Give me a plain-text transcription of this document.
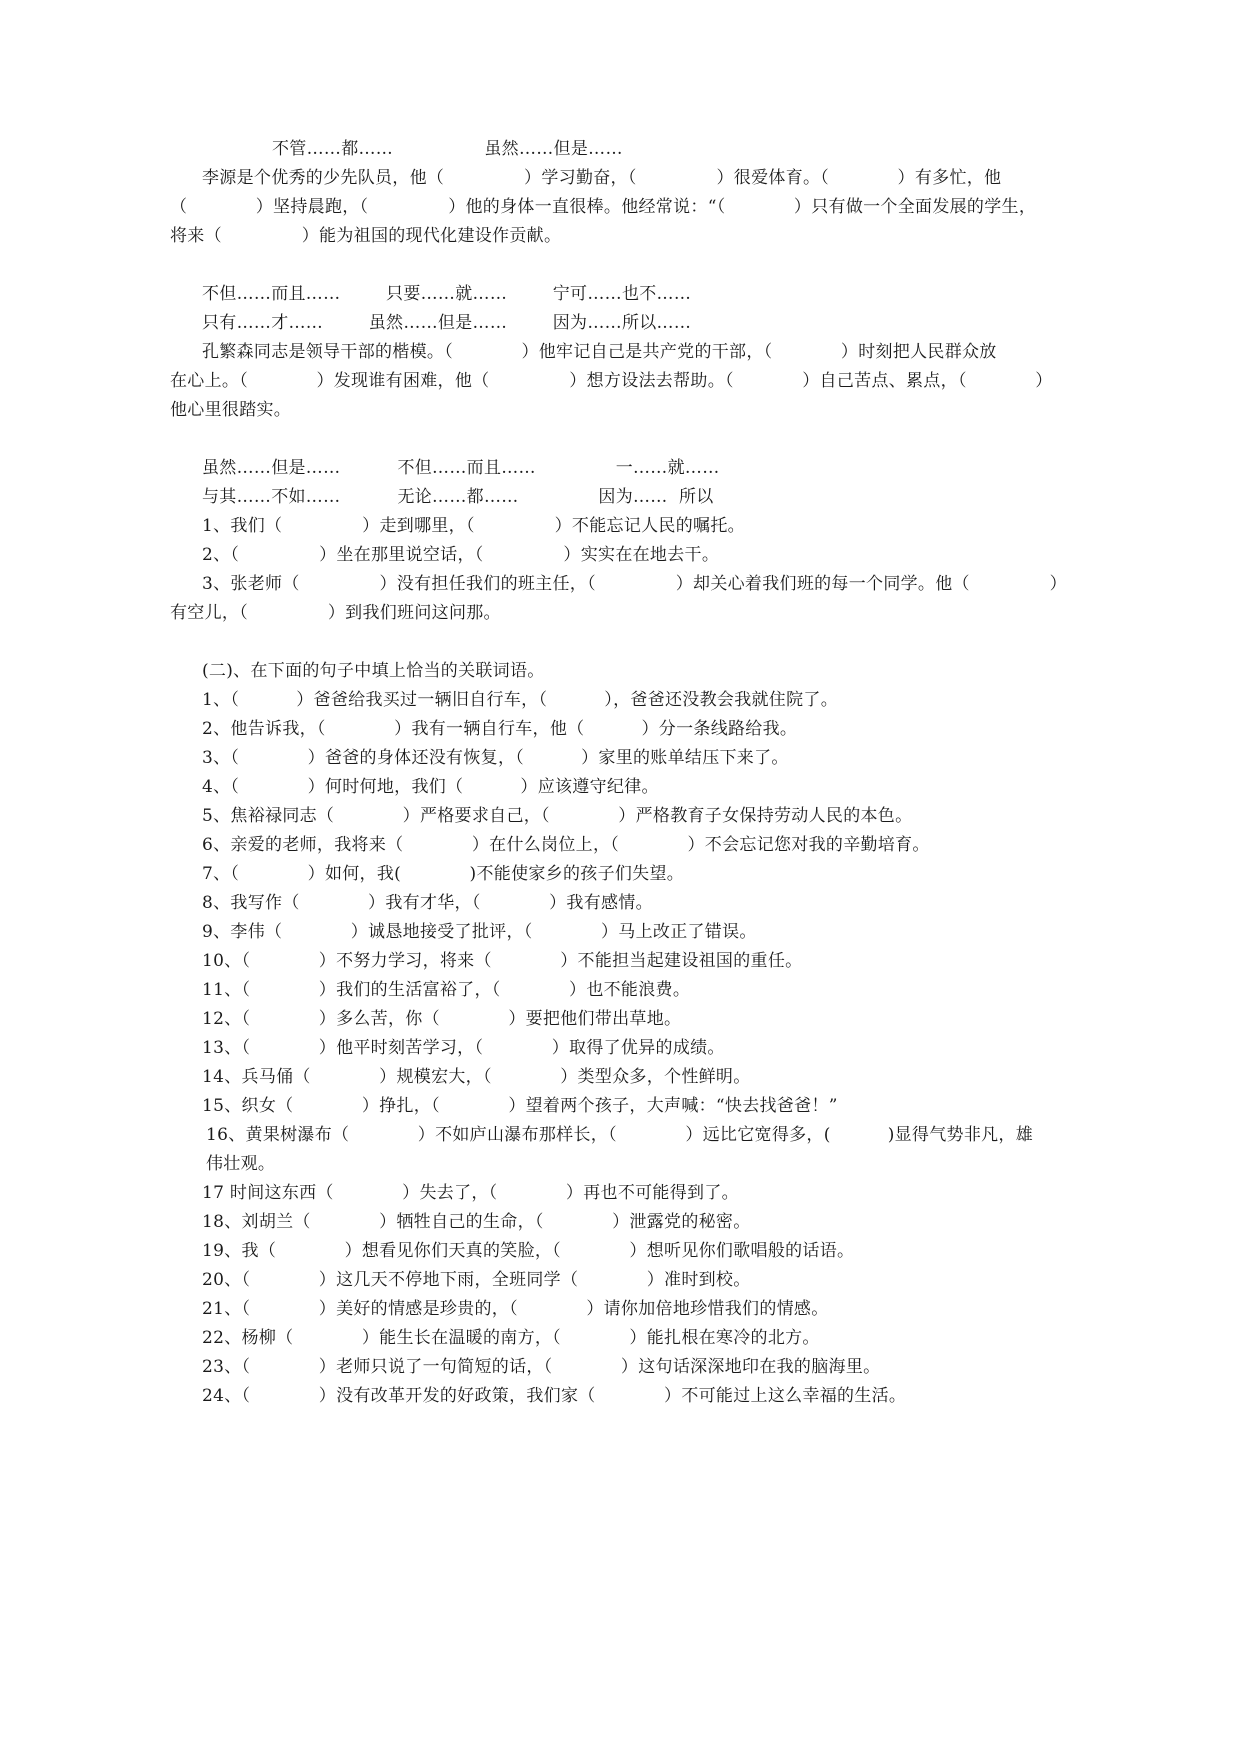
不管……都……                虽然……但是……
李源是个优秀的少先队员，他（              ）学习勤奋，（              ）很爱体育。（            ）有多忙，他
（            ）坚持晨跑，（              ）他的身体一直很棒。他经常说：“（            ）只有做一个全面发展的学生，
将来（              ）能为祖国的现代化建设作贡献。
不但……而且……        只要……就……        宁可……也不……
只有……才……        虽然……但是……        因为……所以……
孔繁森同志是领导干部的楷模。（            ）他牢记自己是共产党的干部，（            ）时刻把人民群众放
在心上。（            ）发现谁有困难，他（              ）想方设法去帮助。（            ）自己苦点、累点，（            ）
他心里很踏实。
虽然……但是……          不但……而且……              一……就……
与其……不如……          无论……都……              因为……  所以
1、我们（              ）走到哪里，（              ）不能忘记人民的嘱托。
2、（              ）坐在那里说空话，（              ）实实在在地去干。
3、张老师（              ）没有担任我们的班主任，（              ）却关心着我们班的每一个同学。他（              ）
有空儿，（              ）到我们班问这问那。
(二)、在下面的句子中填上恰当的关联词语。
1、（          ）爸爸给我买过一辆旧自行车，（          ），爸爸还没教会我就住院了。
2、他告诉我，（            ）我有一辆自行车，他（          ）分一条线路给我。
3、（            ）爸爸的身体还没有恢复，（          ）家里的账单结压下来了。
4、（            ）何时何地，我们（          ）应该遵守纪律。
5、焦裕禄同志（            ）严格要求自己，（            ）严格教育子女保持劳动人民的本色。
6、亲爱的老师，我将来（            ）在什么岗位上，（            ）不会忘记您对我的辛勤培育。
7、（            ）如何，我(            )不能使家乡的孩子们失望。
8、我写作（            ）我有才华，（            ）我有感情。
9、李伟（            ）诚恳地接受了批评，（            ）马上改正了错误。
10、（            ）不努力学习，将来（            ）不能担当起建设祖国的重任。
11、（            ）我们的生活富裕了，（            ）也不能浪费。
12、（            ）多么苦，你（            ）要把他们带出草地。
13、（            ）他平时刻苦学习，（            ）取得了优异的成绩。
14、兵马俑（            ）规模宏大，（            ）类型众多，个性鲜明。
15、织女（            ）挣扎，（            ）望着两个孩子，大声喊：“快去找爸爸！”
16、黄果树瀑布（            ）不如庐山瀑布那样长，（            ）远比它宽得多，(          )显得气势非凡，雄
伟壮观。
17 时间这东西（            ）失去了，（            ）再也不可能得到了。
18、刘胡兰（            ）牺牲自己的生命，（            ）泄露党的秘密。
19、我（            ）想看见你们天真的笑脸，（            ）想听见你们歌唱般的话语。
20、（            ）这几天不停地下雨，全班同学（            ）准时到校。
21、（            ）美好的情感是珍贵的，（            ）请你加倍地珍惜我们的情感。
22、杨柳（            ）能生长在温暖的南方，（            ）能扎根在寒冷的北方。
23、（            ）老师只说了一句简短的话，（            ）这句话深深地印在我的脑海里。
24、（            ）没有改革开发的好政策，我们家（            ）不可能过上这么幸福的生活。
